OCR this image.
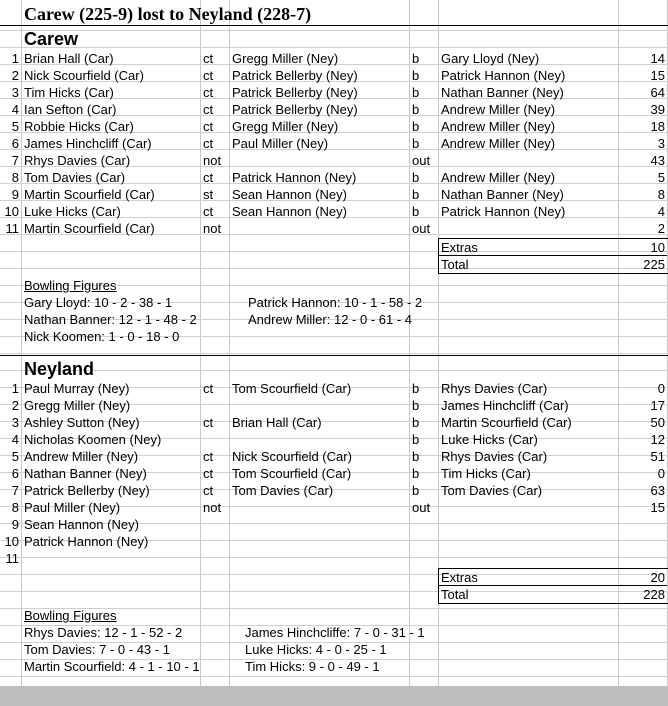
Carew (225-9) lost to Neyland (228-7)
Carew
1 Brian Hall (Car)	ct Gregg Miller (Ney)	b Gary Lloyd (Ney)	14
2 Nick Scourfield (Car)	ct Patrick Bellerby (Ney)	b Patrick Hannon (Ney)	15
3 Tim Hicks (Car)	ct Patrick Bellerby (Ney)	b Nathan Banner (Ney)	64
4 Ian Sefton (Car)	ct Patrick Bellerby (Ney)	b Andrew Miller (Ney)	39
5 Robbie Hicks (Car)	ct Gregg Miller (Ney)	b Andrew Miller (Ney)	18
6 James Hinchcliff (Car)	ct Paul Miller (Ney)	b Andrew Miller (Ney)	3
7 Rhys Davies (Car)	not	out	43
8 Tom Davies (Car)	ct Patrick Hannon (Ney)	b Andrew Miller (Ney)	5
9 Martin Scourfield (Car)	st Sean Hannon (Ney)	b Nathan Banner (Ney)	8
10 Luke Hicks (Car)	ct Sean Hannon (Ney)	b Patrick Hannon (Ney)	4
11 Martin Scourfield (Car)	not	out	2
Extras	10
Total	225
Bowling Figures
Gary Lloyd: 10 - 2 - 38 - 1	Patrick Hannon: 10 - 1 - 58 - 2
Nathan Banner: 12 - 1 - 48 - 2	Andrew Miller: 12 - 0 - 61 - 4
Nick Koomen: 1 - 0 - 18 - 0
Neyland
1 Paul Murray (Ney)	ct Tom Scourfield (Car)	b Rhys Davies (Car)	0
2 Gregg Miller (Ney)	b James Hinchcliff (Car)	17
3 Ashley Sutton (Ney)	ct Brian Hall (Car)	b Martin Scourfield (Car)	50
4 Nicholas Koomen (Ney)	b Luke Hicks (Car)	12
5 Andrew Miller (Ney)	ct Nick Scourfield (Car)	b Rhys Davies (Car)	51
6 Nathan Banner (Ney)	ct Tom Scourfield (Car)	b Tim Hicks (Car)	0
7 Patrick Bellerby (Ney)	ct Tom Davies (Car)	b Tom Davies (Car)	63
8 Paul Miller (Ney)	not	out	15
9 Sean Hannon (Ney)
10 Patrick Hannon (Ney)
11
Extras	20
Total	228
Bowling Figures
Rhys Davies: 12 - 1 - 52 - 2	James Hinchcliffe: 7 - 0 - 31 - 1
Tom Davies: 7 - 0 - 43 - 1	Luke Hicks: 4 - 0 - 25 - 1
Martin Scourfield: 4 - 1 - 10 - 1	Tim Hicks: 9 - 0 - 49 - 1
